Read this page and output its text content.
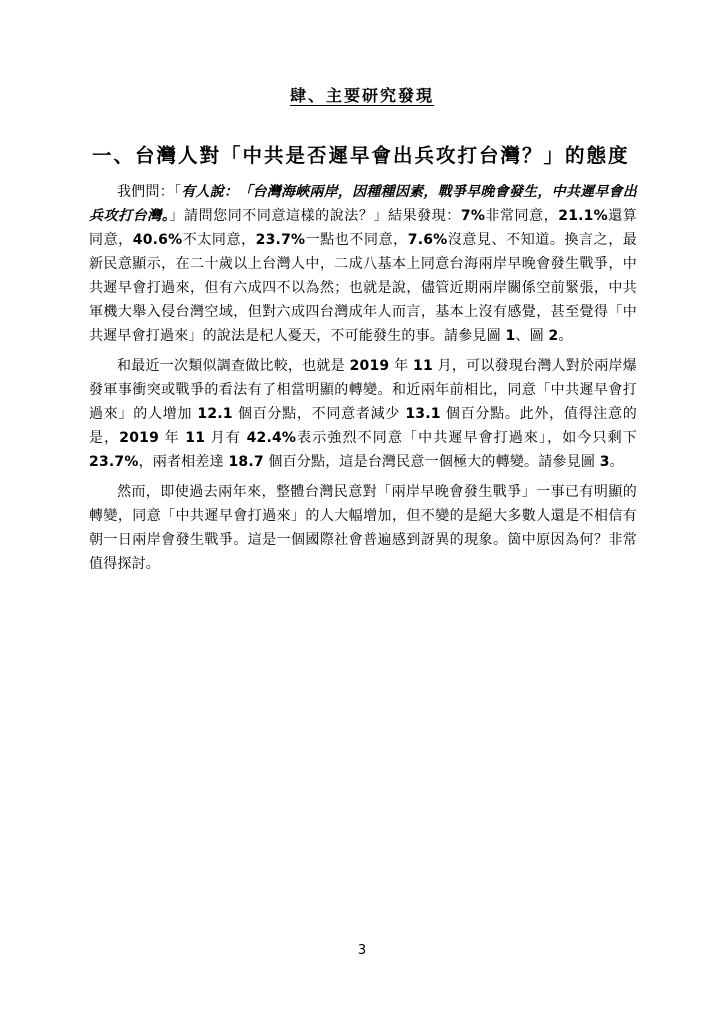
肆、主要研究發現
一、台灣人對「中共是否遲早會出兵攻打台灣？」的態度
我們問：「有人說：「台灣海峽兩岸，因種種因素，戰爭早晚會發生，中共遲早會出兵攻打台灣。」請問您同不同意這樣的說法？」結果發現：7%非常同意，21.1%還算同意，40.6%不太同意，23.7%一點也不同意，7.6%沒意見、不知道。換言之，最新民意顯示，在二十歲以上台灣人中，二成八基本上同意台海兩岸早晚會發生戰爭，中共遲早會打過來，但有六成四不以為然；也就是說，儘管近期兩岸關係空前緊張，中共軍機大舉入侵台灣空域，但對六成四台灣成年人而言，基本上沒有感覺，甚至覺得「中共遲早會打過來」的說法是杞人憂天，不可能發生的事。請參見圖 1、圖 2。
和最近一次類似調查做比較，也就是 2019 年 11 月，可以發現台灣人對於兩岸爆發軍事衝突或戰爭的看法有了相當明顯的轉變。和近兩年前相比，同意「中共遲早會打過來」的人增加 12.1 個百分點，不同意者減少 13.1 個百分點。此外，值得注意的是，2019 年 11 月有 42.4%表示強烈不同意「中共遲早會打過來」，如今只剩下 23.7%，兩者相差達 18.7 個百分點，這是台灣民意一個極大的轉變。請參見圖 3。
然而，即使過去兩年來，整體台灣民意對「兩岸早晚會發生戰爭」一事已有明顯的轉變，同意「中共遲早會打過來」的人大幅增加，但不變的是絕大多數人還是不相信有朝一日兩岸會發生戰爭。這是一個國際社會普遍感到訝異的現象。箇中原因為何？非常值得探討。
3
